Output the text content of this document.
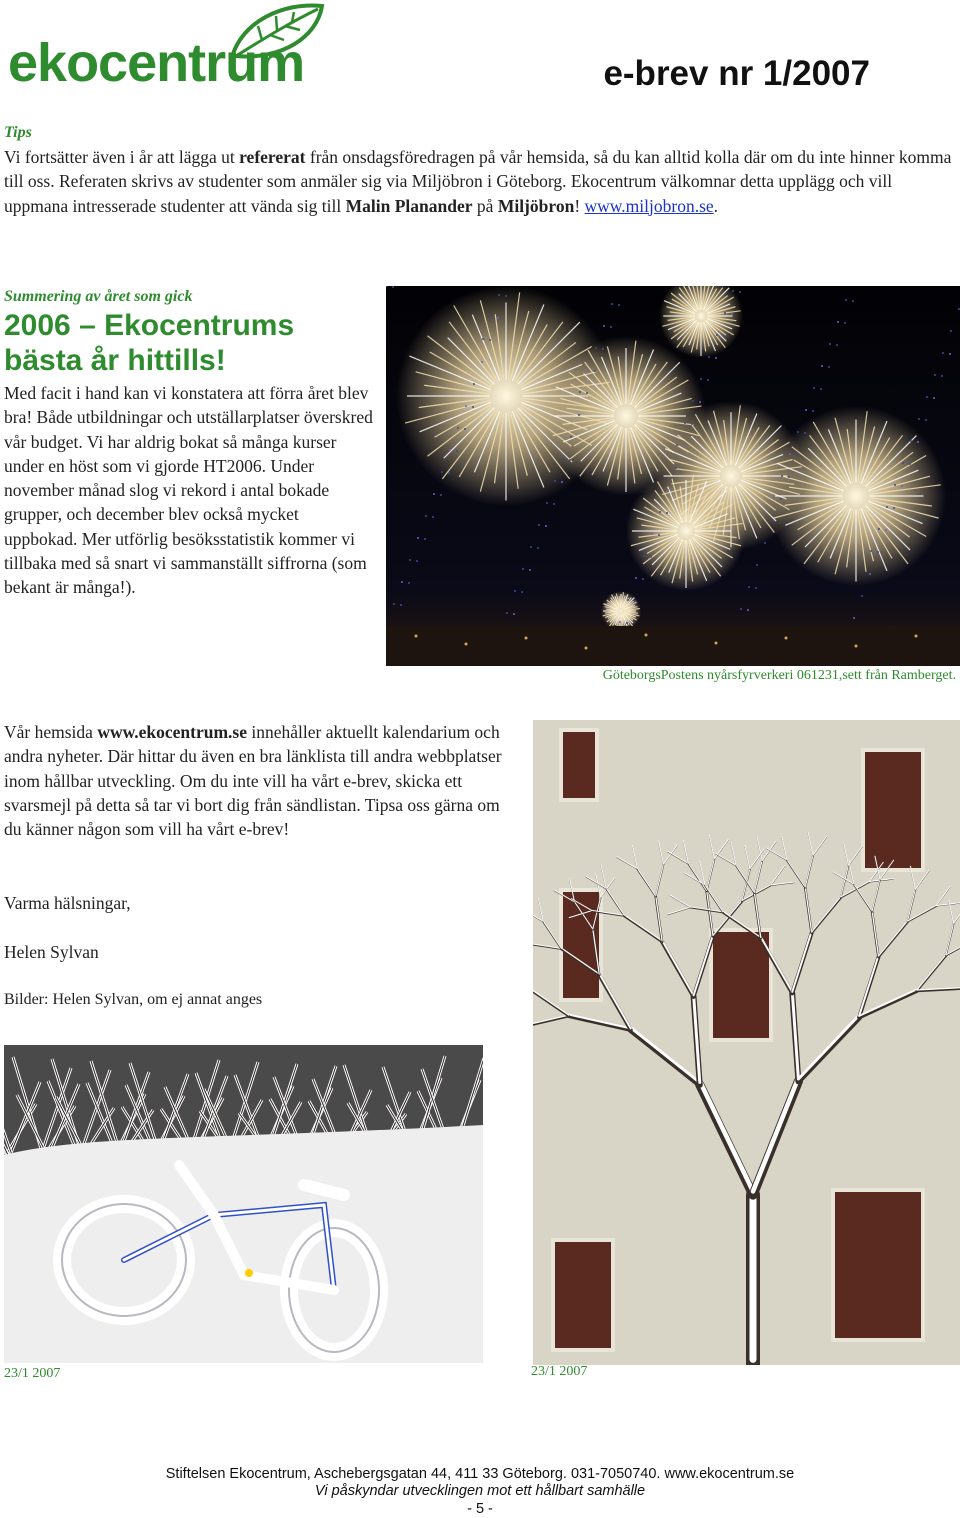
ekocentrum	e-brev nr 1/2007
Tips
Vi fortsätter även i år att lägga ut refererat från onsdagsföredragen på vår hemsida, så du kan alltid kolla där om du inte hinner komma till oss. Referaten skrivs av studenter som anmäler sig via Miljöbron i Göteborg. Ekocentrum välkomnar detta upplägg och vill uppmana intresserade studenter att vända sig till Malin Planander på Miljöbron! www.miljobron.se.
Summering av året som gick
2006 – Ekocentrums bästa år hittills!
Med facit i hand kan vi konstatera att förra året blev bra! Både utbildningar och utställarplatser överskred vår budget. Vi har aldrig bokat så många kurser under en höst som vi gjorde HT2006. Under november månad slog vi rekord i antal bokade grupper, och december blev också mycket uppbokad. Mer utförlig besöksstatistik kommer vi tillbaka med så snart vi sammanställt siffrorna (som bekant är många!).
GöteborgsPostens nyårsfyrverkeri 061231,sett från Ramberget.
Vår hemsida www.ekocentrum.se innehåller aktuellt kalendarium och andra nyheter. Där hittar du även en bra länklista till andra webbplatser inom hållbar utveckling. Om du inte vill ha vårt e-brev, skicka ett svarsmejl på detta så tar vi bort dig från sändlistan. Tipsa oss gärna om du känner någon som vill ha vårt e-brev!
Varma hälsningar,
Helen Sylvan
Bilder: Helen Sylvan, om ej annat anges
23/1 2007	23/1 2007
Stiftelsen Ekocentrum, Aschebergsgatan 44, 411 33 Göteborg. 031-7050740. www.ekocentrum.se
Vi påskyndar utvecklingen mot ett hållbart samhälle
- 5 -
